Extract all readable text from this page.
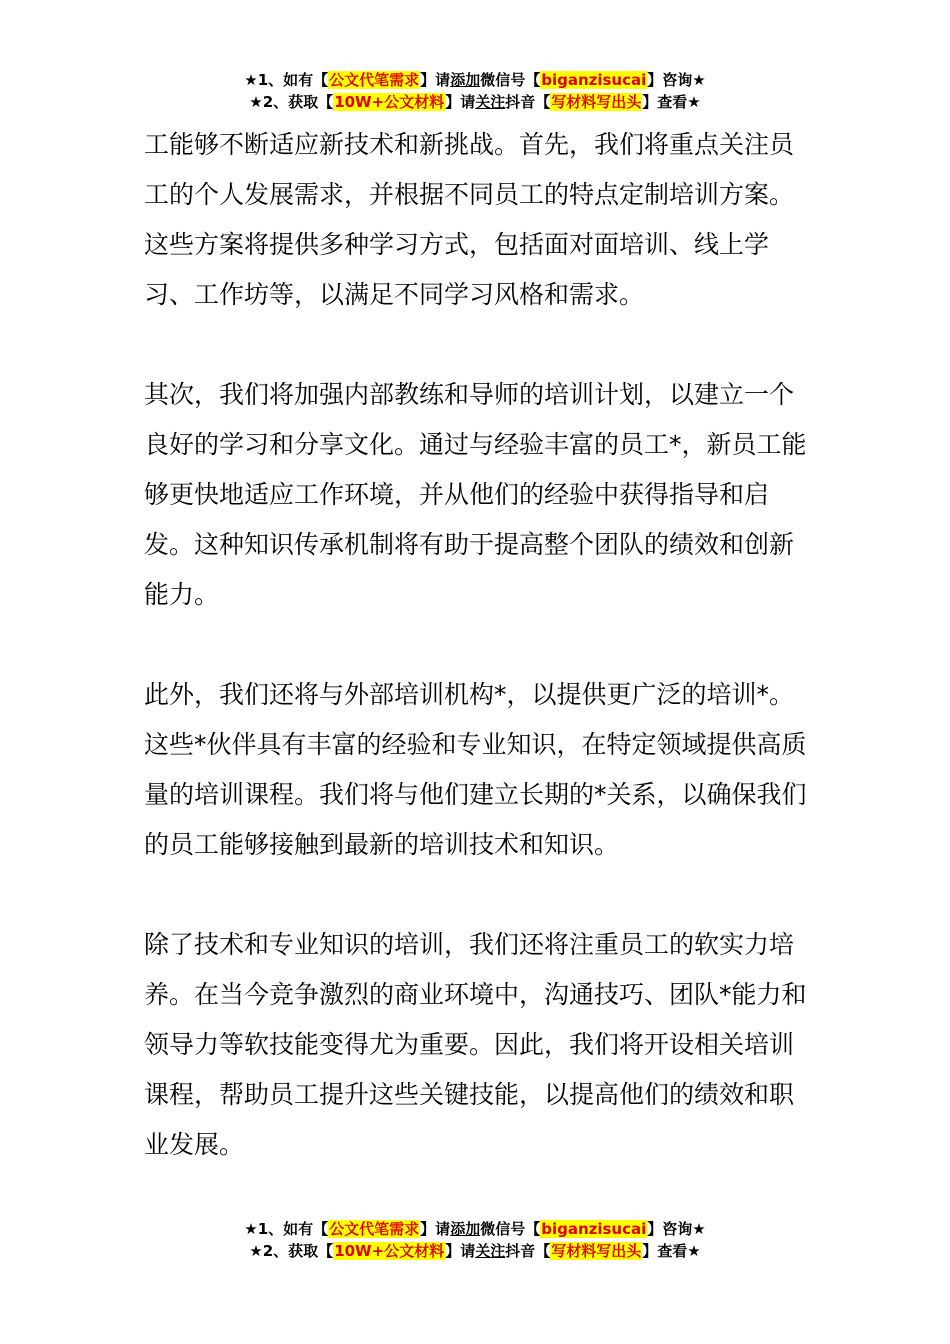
★1、如有【公文代笔需求】请添加微信号【biganzisucai】咨询★
★2、获取【10W+公文材料】请关注抖音【写材料写出头】查看★

工能够不断适应新技术和新挑战。首先，我们将重点关注员工的个人发展需求，并根据不同员工的特点定制培训方案。这些方案将提供多种学习方式，包括面对面培训、线上学习、工作坊等，以满足不同学习风格和需求。

其次，我们将加强内部教练和导师的培训计划，以建立一个良好的学习和分享文化。通过与经验丰富的员工*，新员工能够更快地适应工作环境，并从他们的经验中获得指导和启发。这种知识传承机制将有助于提高整个团队的绩效和创新能力。

此外，我们还将与外部培训机构*，以提供更广泛的培训*。这些*伙伴具有丰富的经验和专业知识，在特定领域提供高质量的培训课程。我们将与他们建立长期的*关系，以确保我们的员工能够接触到最新的培训技术和知识。

除了技术和专业知识的培训，我们还将注重员工的软实力培养。在当今竞争激烈的商业环境中，沟通技巧、团队*能力和领导力等软技能变得尤为重要。因此，我们将开设相关培训课程，帮助员工提升这些关键技能，以提高他们的绩效和职业发展。

★1、如有【公文代笔需求】请添加微信号【biganzisucai】咨询★
★2、获取【10W+公文材料】请关注抖音【写材料写出头】查看★
